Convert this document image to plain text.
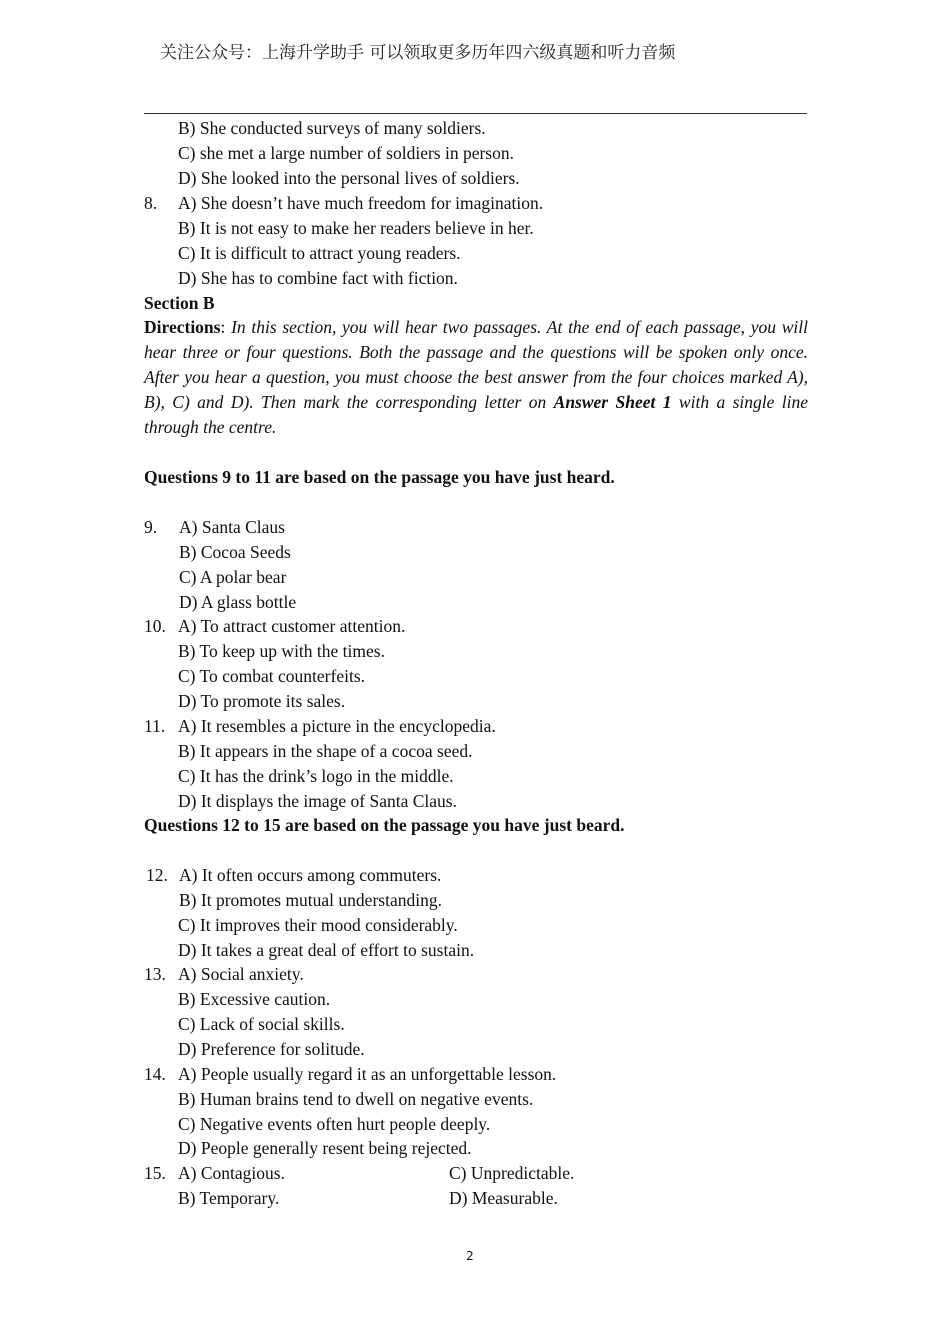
关注公众号：上海升学助手 可以领取更多历年四六级真题和听力音频
B) She conducted surveys of many soldiers.
C) she met a large number of soldiers in person.
D) She looked into the personal lives of soldiers.
8. A) She doesn’t have much freedom for imagination.
B) It is not easy to make her readers believe in her.
C) It is difficult to attract young readers.
D) She has to combine fact with fiction.
Section B
Directions: In this section, you will hear two passages. At the end of each passage, you will hear three or four questions. Both the passage and the questions will be spoken only once. After you hear a question, you must choose the best answer from the four choices marked A), B), C) and D). Then mark the corresponding letter on Answer Sheet 1 with a single line through the centre.
Questions 9 to 11 are based on the passage you have just heard.
9. A) Santa Claus
B) Cocoa Seeds
C) A polar bear
D) A glass bottle
10. A) To attract customer attention.
B) To keep up with the times.
C) To combat counterfeits.
D) To promote its sales.
11. A) It resembles a picture in the encyclopedia.
B) It appears in the shape of a cocoa seed.
C) It has the drink’s logo in the middle.
D) It displays the image of Santa Claus.
Questions 12 to 15 are based on the passage you have just beard.
12. A) It often occurs among commuters.
B) It promotes mutual understanding.
C) It improves their mood considerably.
D) It takes a great deal of effort to sustain.
13. A) Social anxiety.
B) Excessive caution.
C) Lack of social skills.
D) Preference for solitude.
14. A) People usually regard it as an unforgettable lesson.
B) Human brains tend to dwell on negative events.
C) Negative events often hurt people deeply.
D) People generally resent being rejected.
15. A) Contagious.
B) Temporary.
C) Unpredictable.
D) Measurable.
2
